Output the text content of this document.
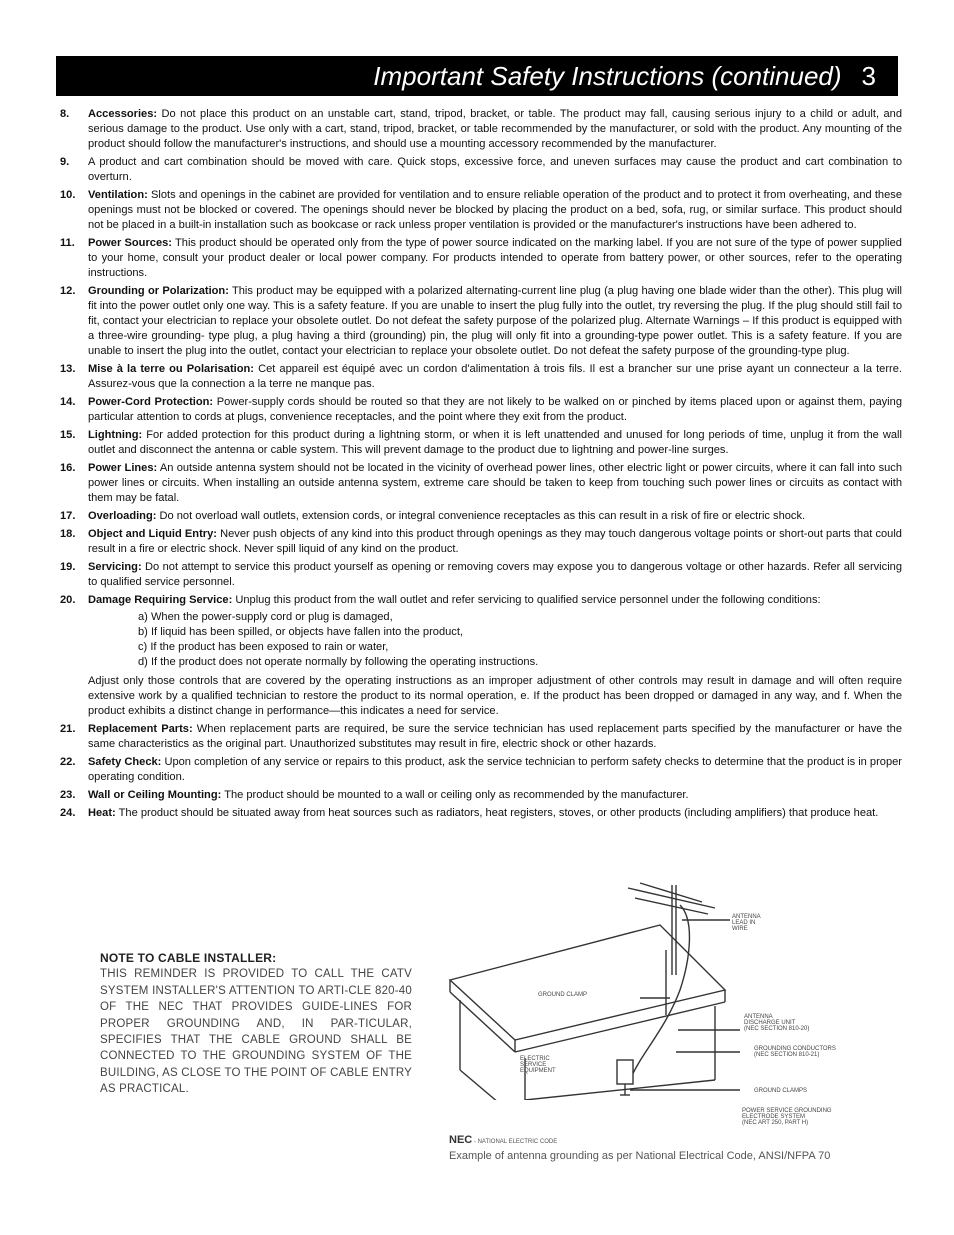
Important Safety Instructions (continued) 3
8.	Accessories: Do not place this product on an unstable cart, stand, tripod, bracket, or table. The product may fall, causing serious injury to a child or adult, and serious damage to the product. Use only with a cart, stand, tripod, bracket, or table recommended by the manufacturer, or sold with the product. Any mounting of the product should follow the manufacturer's instructions, and should use a mounting accessory recommended by the manufacturer.
9.	A product and cart combination should be moved with care. Quick stops, excessive force, and uneven surfaces may cause the product and cart combination to overturn.
10.	Ventilation: Slots and openings in the cabinet are provided for ventilation and to ensure reliable operation of the product and to protect it from overheating, and these openings must not be blocked or covered. The openings should never be blocked by placing the product on a bed, sofa, rug, or similar surface. This product should not be placed in a built-in installation such as bookcase or rack unless proper ventilation is provided or the manufacturer's instructions have been adhered to.
11.	Power Sources: This product should be operated only from the type of power source indicated on the marking label. If you are not sure of the type of power supplied to your home, consult your product dealer or local power company. For products intended to operate from battery power, or other sources, refer to the operating instructions.
12.	Grounding or Polarization: This product may be equipped with a polarized alternating-current line plug (a plug having one blade wider than the other). This plug will fit into the power outlet only one way. This is a safety feature. If you are unable to insert the plug fully into the outlet, try reversing the plug. If the plug should still fail to fit, contact your electrician to replace your obsolete outlet. Do not defeat the safety purpose of the polarized plug. Alternate Warnings – If this product is equipped with a three-wire grounding- type plug, a plug having a third (grounding) pin, the plug will only fit into a grounding-type power outlet. This is a safety feature. If you are unable to insert the plug into the outlet, contact your electrician to replace your obsolete outlet. Do not defeat the safety purpose of the grounding-type plug.
13.	Mise à la terre ou Polarisation: Cet appareil est équipé avec un cordon d'alimentation à trois fils. Il est a brancher sur une prise ayant un connecteur a la terre. Assurez-vous que la connection a la terre ne manque pas.
14.	Power-Cord Protection: Power-supply cords should be routed so that they are not likely to be walked on or pinched by items placed upon or against them, paying particular attention to cords at plugs, convenience receptacles, and the point where they exit from the product.
15.	Lightning: For added protection for this product during a lightning storm, or when it is left unattended and unused for long periods of time, unplug it from the wall outlet and disconnect the antenna or cable system. This will prevent damage to the product due to lightning and power-line surges.
16.	Power Lines: An outside antenna system should not be located in the vicinity of overhead power lines, other electric light or power circuits, where it can fall into such power lines or circuits. When installing an outside antenna system, extreme care should be taken to keep from touching such power lines or circuits as contact with them may be fatal.
17.	Overloading: Do not overload wall outlets, extension cords, or integral convenience receptacles as this can result in a risk of fire or electric shock.
18.	Object and Liquid Entry: Never push objects of any kind into this product through openings as they may touch dangerous voltage points or short-out parts that could result in a fire or electric shock. Never spill liquid of any kind on the product.
19.	Servicing: Do not attempt to service this product yourself as opening or removing covers may expose you to dangerous voltage or other hazards. Refer all servicing to qualified service personnel.
20.	Damage Requiring Service: Unplug this product from the wall outlet and refer servicing to qualified service personnel under the following conditions:
a) When the power-supply cord or plug is damaged,
b) If liquid has been spilled, or objects have fallen into the product,
c) If the product has been exposed to rain or water,
d) If the product does not operate normally by following the operating instructions.
Adjust only those controls that are covered by the operating instructions as an improper adjustment of other controls may result in damage and will often require extensive work by a qualified technician to restore the product to its normal operation, e. If the product has been dropped or damaged in any way, and f. When the product exhibits a distinct change in performance—this indicates a need for service.
21.	Replacement Parts: When replacement parts are required, be sure the service technician has used replacement parts specified by the manufacturer or have the same characteristics as the original part. Unauthorized substitutes may result in fire, electric shock or other hazards.
22.	Safety Check: Upon completion of any service or repairs to this product, ask the service technician to perform safety checks to determine that the product is in proper operating condition.
23.	Wall or Ceiling Mounting: The product should be mounted to a wall or ceiling only as recommended by the manufacturer.
24.	Heat: The product should be situated away from heat sources such as radiators, heat registers, stoves, or other products (including amplifiers) that produce heat.
NOTE TO CABLE INSTALLER:
THIS REMINDER IS PROVIDED TO CALL THE CATV SYSTEM INSTALLER'S ATTENTION TO ARTI-CLE 820-40 OF THE NEC THAT PROVIDES GUIDE-LINES FOR PROPER GROUNDING AND, IN PAR-TICULAR, SPECIFIES THAT THE CABLE GROUND SHALL BE CONNECTED TO THE GROUNDING SYSTEM OF THE BUILDING, AS CLOSE TO THE POINT OF CABLE ENTRY AS PRACTICAL.
ANTENNA LEAD IN WIRE
GROUND CLAMP
ANTENNA DISCHARGE UNIT (NEC SECTION 810-20)
GROUNDING CONDUCTORS (NEC SECTION 810-21)
ELECTRIC SERVICE EQUIPMENT
GROUND CLAMPS
POWER SERVICE GROUNDING ELECTRODE SYSTEM (NEC ART 250, PART H)
NEC - NATIONAL ELECTRIC CODE
Example of antenna grounding as per National Electrical Code, ANSI/NFPA 70
